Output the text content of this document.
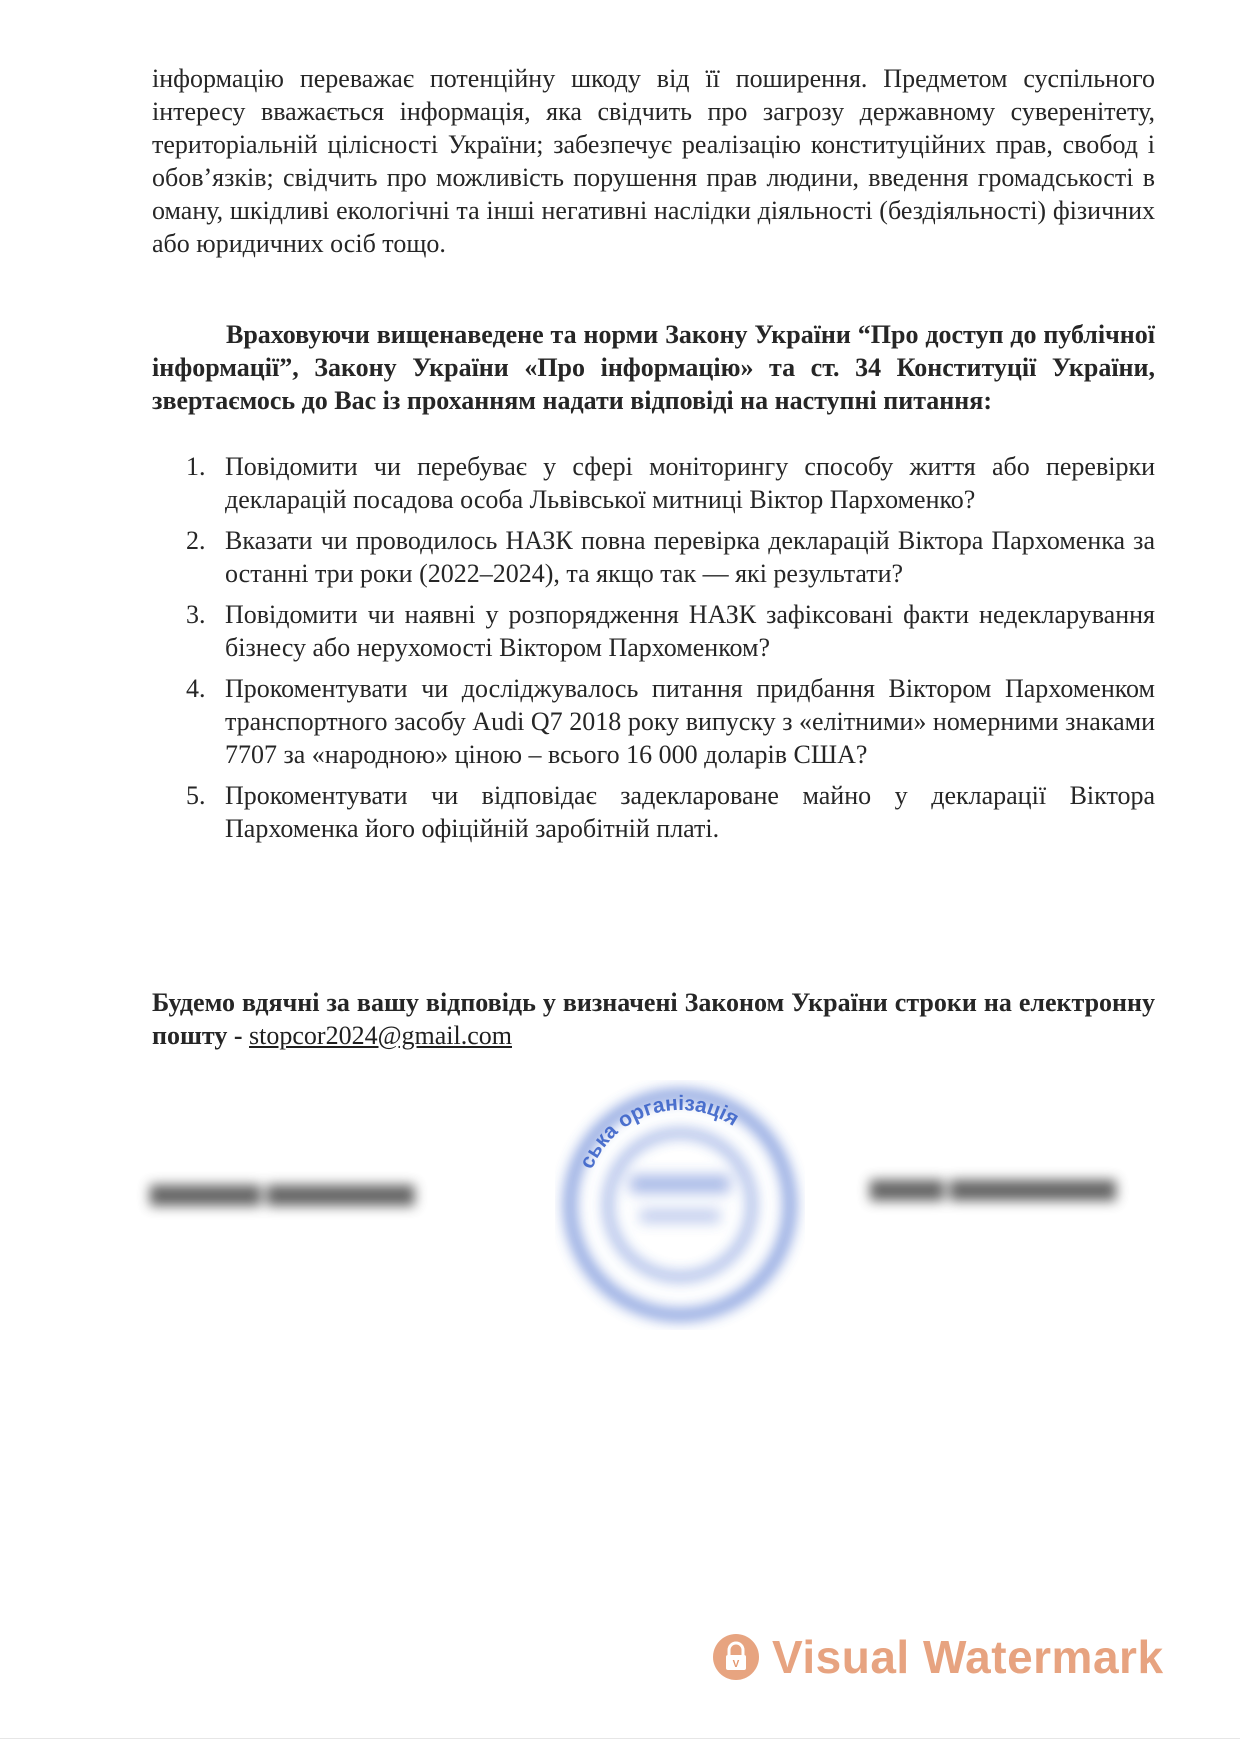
інформацію переважає потенційну шкоду від її поширення. Предметом суспільного інтересу вважається інформація, яка свідчить про загрозу державному суверенітету, територіальній цілісності України; забезпечує реалізацію конституційних прав, свобод і обов’язків; свідчить про можливість порушення прав людини, введення громадськості в оману, шкідливі екологічні та інші негативні наслідки діяльності (бездіяльності) фізичних або юридичних осіб тощо.
Враховуючи вищенаведене та норми Закону України “Про доступ до публічної інформації”, Закону України «Про інформацію» та ст. 34 Конституції України, звертаємось до Вас із проханням надати відповіді на наступні питання:
1. Повідомити чи перебуває у сфері моніторингу способу життя або перевірки декларацій посадова особа Львівської митниці Віктор Пархоменко?
2. Вказати чи проводилось НАЗК повна перевірка декларацій Віктора Пархоменка за останні три роки (2022–2024), та якщо так — які результати?
3. Повідомити чи наявні у розпорядження НАЗК зафіксовані факти недекларування бізнесу або нерухомості Віктором Пархоменком?
4. Прокоментувати чи досліджувалось питання придбання Віктором Пархоменком транспортного засобу Audi Q7 2018 року випуску з «елітними» номерними знаками 7707 за «народною» ціною – всього 16 000 доларів США?
5. Прокоментувати чи відповідає задекларoване майно у декларації Віктора Пархоменка його офіційній заробітній платі.
Будемо вдячні за вашу відповідь у визначені Законом України строки на електронну пошту - stopcor2024@gmail.com
▆▆▆▆▆▆ ▆▆▆▆▆▆▆▆	▆▆▆▆ ▆▆▆▆▆▆▆▆▆
ська організація
V Visual Watermark
